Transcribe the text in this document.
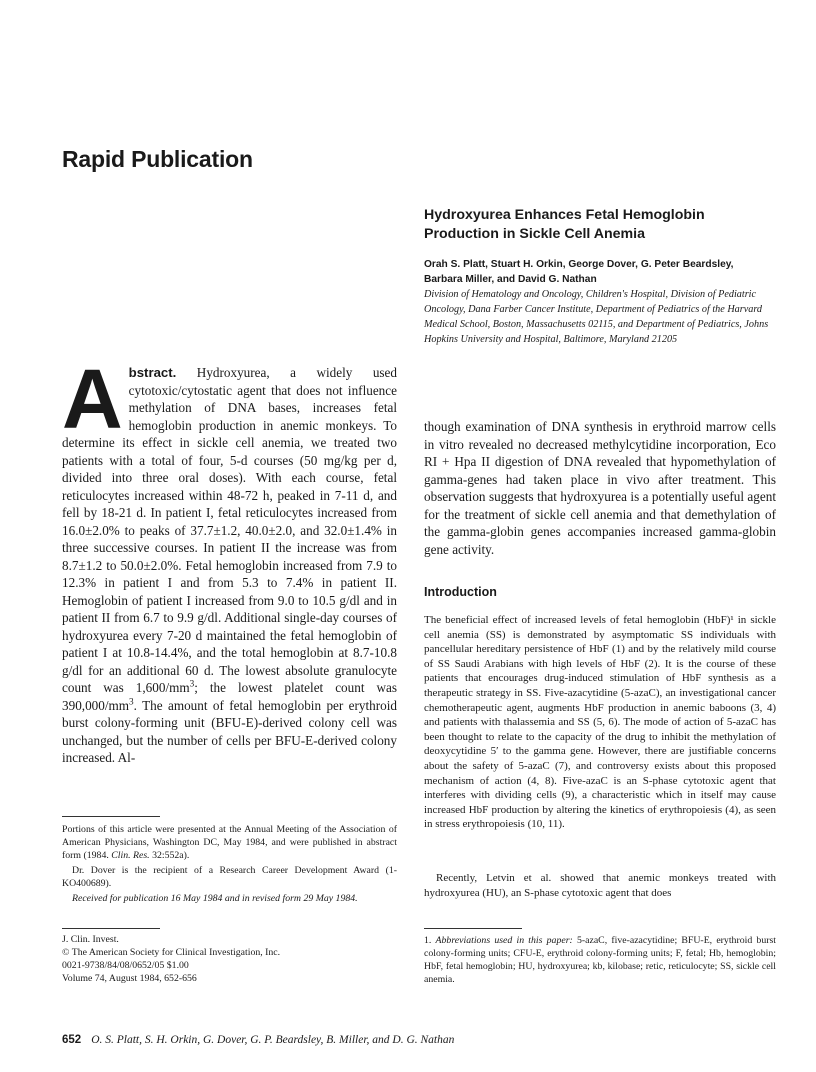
Rapid Publication
Hydroxyurea Enhances Fetal Hemoglobin Production in Sickle Cell Anemia
Orah S. Platt, Stuart H. Orkin, George Dover, G. Peter Beardsley, Barbara Miller, and David G. Nathan
Division of Hematology and Oncology, Children's Hospital, Division of Pediatric Oncology, Dana Farber Cancer Institute, Department of Pediatrics of the Harvard Medical School, Boston, Massachusetts 02115, and Department of Pediatrics, Johns Hopkins University and Hospital, Baltimore, Maryland 21205
Abstract. Hydroxyurea, a widely used cytotoxic/cytostatic agent that does not influence methylation of DNA bases, increases fetal hemoglobin production in anemic monkeys. To determine its effect in sickle cell anemia, we treated two patients with a total of four, 5-d courses (50 mg/kg per d, divided into three oral doses). With each course, fetal reticulocytes increased within 48-72 h, peaked in 7-11 d, and fell by 18-21 d. In patient I, fetal reticulocytes increased from 16.0±2.0% to peaks of 37.7±1.2, 40.0±2.0, and 32.0±1.4% in three successive courses. In patient II the increase was from 8.7±1.2 to 50.0±2.0%. Fetal hemoglobin increased from 7.9 to 12.3% in patient I and from 5.3 to 7.4% in patient II. Hemoglobin of patient I increased from 9.0 to 10.5 g/dl and in patient II from 6.7 to 9.9 g/dl. Additional single-day courses of hydroxyurea every 7-20 d maintained the fetal hemoglobin of patient I at 10.8-14.4%, and the total hemoglobin at 8.7-10.8 g/dl for an additional 60 d. The lowest absolute granulocyte count was $1,600/mm^3$; the lowest platelet count was $390,000/mm^3$. The amount of fetal hemoglobin per erythroid burst colony-forming unit (BFU-E)-derived colony cell was unchanged, but the number of cells per BFU-E-derived colony increased. Al-
though examination of DNA synthesis in erythroid marrow cells in vitro revealed no decreased methylcytidine incorporation, Eco RI + Hpa II digestion of DNA revealed that hypomethylation of gamma-genes had taken place in vivo after treatment. This observation suggests that hydroxyurea is a potentially useful agent for the treatment of sickle cell anemia and that demethylation of the gamma-globin genes accompanies increased gamma-globin gene activity.

Portions of this article were presented at the Annual Meeting of the Association of American Physicians, Washington DC, May 1984, and were published in abstract form (1984. Clin. Res. 32:552a).

Dr. Dover is the recipient of a Research Career Development Award (1-KO400689).

Received for publication 16 May 1984 and in revised form 29 May 1984.

J. Clin. Invest.
© The American Society for Clinical Investigation, Inc.
0021-9738/84/08/0652/05 $1.00
Volume 74, August 1984, 652-656
Introduction
The beneficial effect of increased levels of fetal hemoglobin (HbF)¹ in sickle cell anemia (SS) is demonstrated by asymptomatic SS individuals with pancellular hereditary persistence of HbF (1) and by the relatively mild course of SS Saudi Arabians with high levels of HbF (2). It is the course of these patients that encourages drug-induced stimulation of HbF synthesis as a therapeutic strategy in SS. Five-azacytidine (5-azaC), an investigational cancer chemotherapeutic agent, augments HbF production in anemic baboons (3, 4) and patients with thalassemia and SS (5, 6). The mode of action of 5-azaC has been thought to relate to the capacity of the drug to inhibit the methylation of deoxycytidine 5′ to the gamma gene. However, there are justifiable concerns about the safety of 5-azaC (7), and controversy exists about this proposed mechanism of action (4, 8). Five-azaC is an S-phase cytotoxic agent that interferes with dividing cells (9), a characteristic which in itself may cause increased HbF production by altering the kinetics of erythropoiesis (4), as seen in stress erythropoiesis (10, 11).
Recently, Letvin et al. showed that anemic monkeys treated with hydroxyurea (HU), an S-phase cytotoxic agent that does
1. Abbreviations used in this paper: 5-azaC, five-azacytidine; BFU-E, erythroid burst colony-forming units; CFU-E, erythroid colony-forming units; F, fetal; Hb, hemoglobin; HbF, fetal hemoglobin; HU, hydroxyurea; kb, kilobase; retic, reticulocyte; SS, sickle cell anemia.
652 O. S. Platt, S. H. Orkin, G. Dover, G. P. Beardsley, B. Miller, and D. G. Nathan
